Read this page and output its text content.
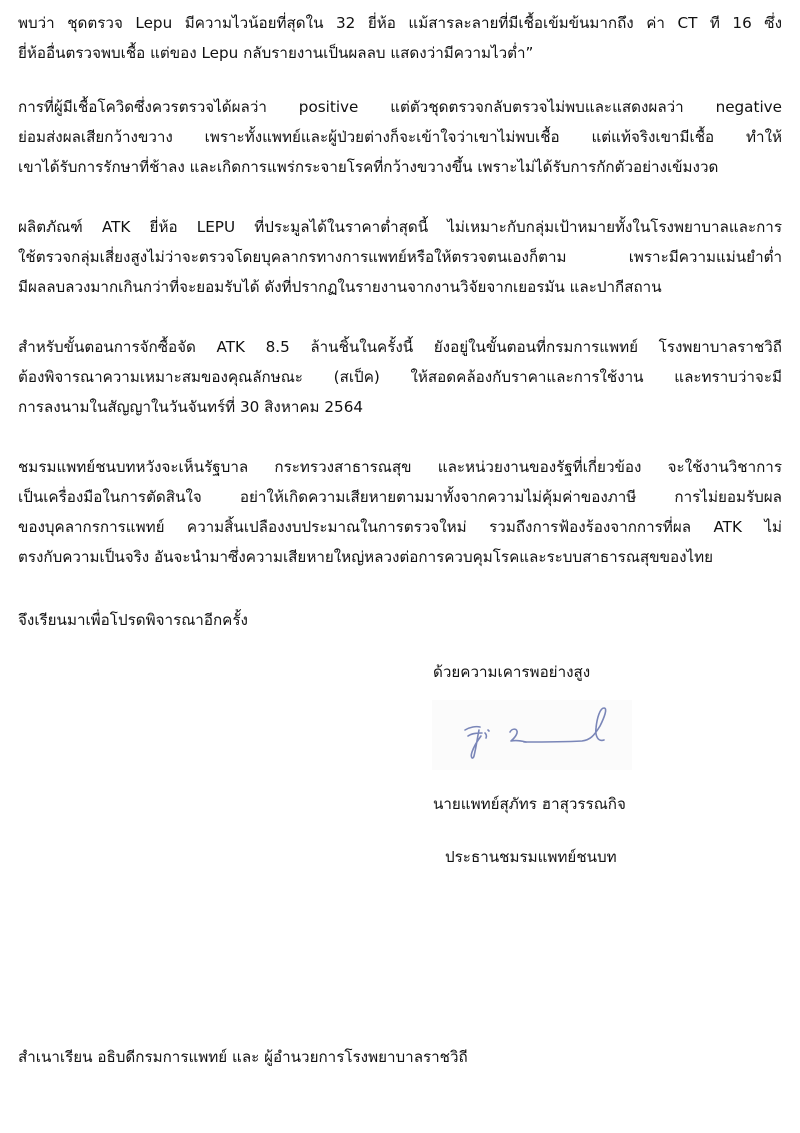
พบว่า ชุดตรวจ Lepu มีความไวน้อยที่สุดใน 32 ยี่ห้อ แม้สารละลายที่มีเชื้อเข้มข้นมากถึง ค่า CT ที 16 ซึ่ง
ยี่ห้ออื่นตรวจพบเชื้อ แต่ของ Lepu กลับรายงานเป็นผลลบ แสดงว่ามีความไวต่ำ”
การที่ผู้มีเชื้อโควิดซึ่งควรตรวจได้ผลว่า positive แต่ตัวชุดตรวจกลับตรวจไม่พบและแสดงผลว่า negative
ย่อมส่งผลเสียกว้างขวาง เพราะทั้งแพทย์และผู้ป่วยต่างก็จะเข้าใจว่าเขาไม่พบเชื้อ แต่แท้จริงเขามีเชื้อ ทำให้
เขาได้รับการรักษาที่ช้าลง และเกิดการแพร่กระจายโรคที่กว้างขวางขึ้น เพราะไม่ได้รับการกักตัวอย่างเข้มงวด
ผลิตภัณฑ์ ATK ยี่ห้อ LEPU ที่ประมูลได้ในราคาต่ำสุดนี้ ไม่เหมาะกับกลุ่มเป้าหมายทั้งในโรงพยาบาลและการ
ใช้ตรวจกลุ่มเสี่ยงสูงไม่ว่าจะตรวจโดยบุคลากรทางการแพทย์หรือให้ตรวจตนเองก็ตาม เพราะมีความแม่นยำต่ำ
มีผลลบลวงมากเกินกว่าที่จะยอมรับได้ ดังที่ปรากฏในรายงานจากงานวิจัยจากเยอรมัน และปากีสถาน
สำหรับขั้นตอนการจักซื้อจัด ATK 8.5 ล้านชิ้นในครั้งนี้ ยังอยู่ในขั้นตอนที่กรมการแพทย์ โรงพยาบาลราชวิถี
ต้องพิจารณาความเหมาะสมของคุณลักษณะ (สเป็ค) ให้สอดคล้องกับราคาและการใช้งาน และทราบว่าจะมี
การลงนามในสัญญาในวันจันทร์ที่ 30 สิงหาคม 2564
ชมรมแพทย์ชนบทหวังจะเห็นรัฐบาล กระทรวงสาธารณสุข และหน่วยงานของรัฐที่เกี่ยวข้อง จะใช้งานวิชาการ
เป็นเครื่องมือในการตัดสินใจ อย่าให้เกิดความเสียหายตามมาทั้งจากความไม่คุ้มค่าของภาษี การไม่ยอมรับผล
ของบุคลากรการแพทย์ ความสิ้นเปลืองงบประมาณในการตรวจใหม่ รวมถึงการฟ้องร้องจากการที่ผล ATK ไม่
ตรงกับความเป็นจริง อันจะนำมาซึ่งความเสียหายใหญ่หลวงต่อการควบคุมโรคและระบบสาธารณสุขของไทย
จึงเรียนมาเพื่อโปรดพิจารณาอีกครั้ง
ด้วยความเคารพอย่างสูง
นายแพทย์สุภัทร ฮาสุวรรณกิจ
ประธานชมรมแพทย์ชนบท
สำเนาเรียน อธิบดีกรมการแพทย์ และ ผู้อำนวยการโรงพยาบาลราชวิถี
